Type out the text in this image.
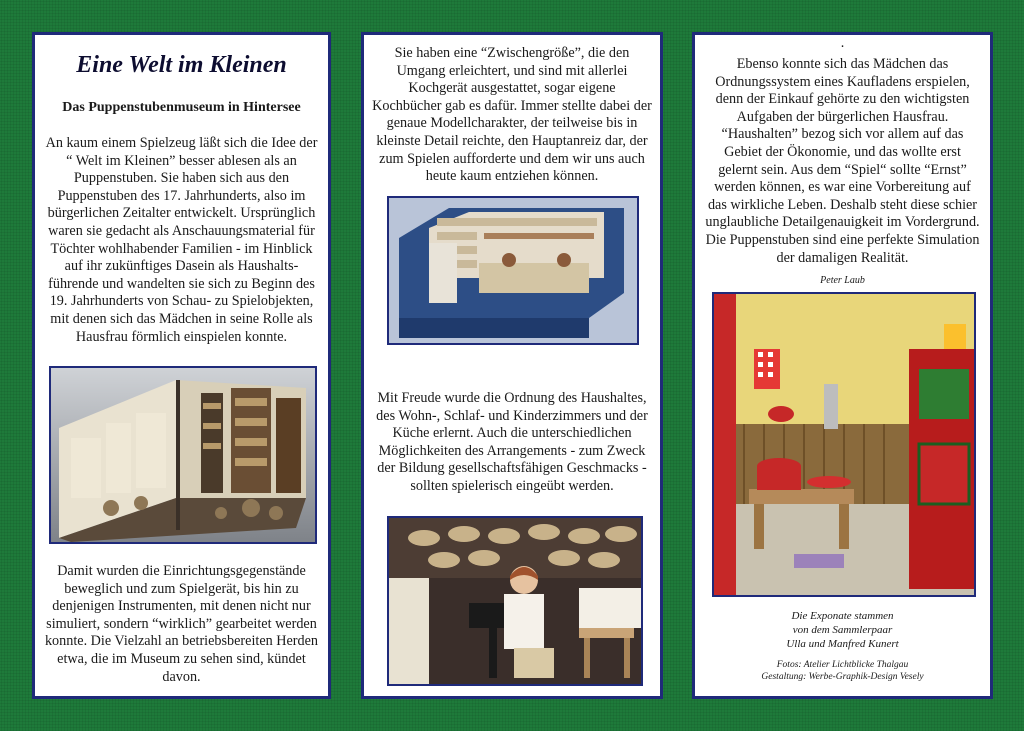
Eine Welt im Kleinen
Das Puppenstubenmuseum in Hintersee
An kaum einem Spielzeug läßt sich die Idee der “ Welt im Kleinen” besser ablesen als an Puppenstuben. Sie haben sich aus den Puppenstuben des 17. Jahrhunderts, also im bürgerlichen Zeitalter entwickelt. Ursprünglich waren sie gedacht als Anschauungsmaterial für Töchter wohlhabender Familien - im Hinblick auf ihr zukünftiges Dasein als Haushalts-führende und wandelten sie sich zu Beginn des 19. Jahrhunderts von Schau- zu Spielobjekten, mit denen sich das Mädchen in seine Rolle als Hausfrau förmlich einspielen konnte.
Damit wurden die Einrichtungsgegenstände beweglich und zum Spielgerät, bis hin zu denjenigen Instrumenten, mit denen nicht nur simuliert, sondern “wirklich” gearbeitet werden konnte. Die Vielzahl an betriebsbereiten Herden etwa, die im Museum zu sehen sind, kündet davon.
Sie haben eine “Zwischengröße”, die den Umgang erleichtert, und sind mit allerlei Kochgerät ausgestattet, sogar eigene Kochbücher gab es dafür. Immer stellte dabei der genaue Modellcharakter, der teilweise bis in kleinste Detail reichte, den Hauptanreiz dar, der zum Spielen aufforderte und dem wir uns auch heute kaum entziehen können.
Mit Freude wurde die Ordnung des Haushaltes, des Wohn-, Schlaf- und Kinderzimmers und der Küche erlernt. Auch die unterschiedlichen Möglichkeiten des Arrangements - zum Zweck der Bildung gesellschaftsfähigen Geschmacks - sollten spielerisch eingeübt werden.
.
Ebenso konnte sich das Mädchen das Ordnungssystem eines Kaufladens erspielen, denn der Einkauf gehörte zu den wichtigsten Aufgaben der bürgerlichen Hausfrau. “Haushalten” bezog sich vor allem auf das Gebiet der Ökonomie, und das wollte erst gelernt sein. Aus dem “Spiel“ sollte “Ernst” werden können, es war eine Vorbereitung auf das wirkliche Leben. Deshalb steht diese schier unglaubliche Detailgenauigkeit im Vordergrund. Die Puppenstuben sind eine perfekte Simulation der damaligen Realität.
Peter Laub
Die Exponate stammen
von dem Sammlerpaar
Ulla und Manfred Kunert
Fotos: Atelier Lichtblicke Thalgau
Gestaltung: Werbe-Graphik-Design Vesely
